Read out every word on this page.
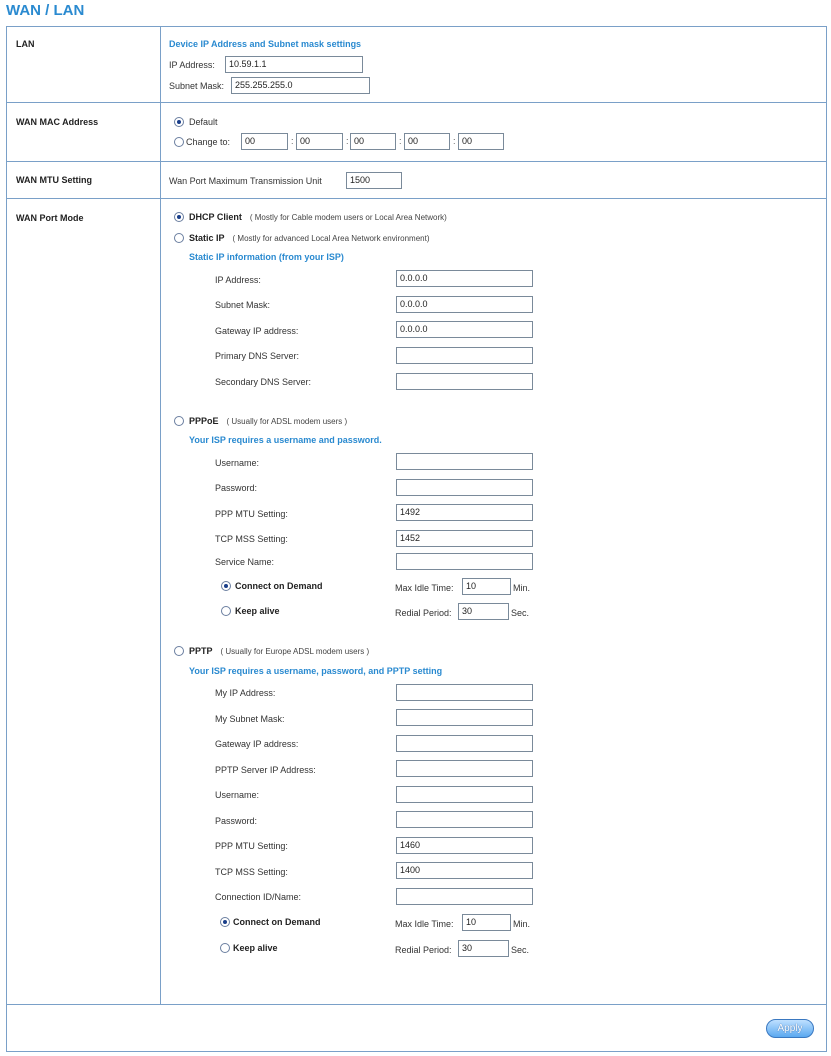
WAN / LAN
LAN	Device IP Address and Subnet mask settings
IP Address:	10.59.1.1
Subnet Mask:	255.255.255.0
WAN MAC Address	Default
Change to:	00	: 00	: 00	: 00	: 00
WAN MTU Setting	Wan Port Maximum Transmission Unit	1500
WAN Port Mode	DHCP Client ( Mostly for Cable modem users or Local Area Network)
Static IP ( Mostly for advanced Local Area Network environment)
Static IP information (from your ISP)
IP Address:	0.0.0.0
Subnet Mask:	0.0.0.0
Gateway IP address:	0.0.0.0
Primary DNS Server:
Secondary DNS Server:
PPPoE ( Usually for ADSL modem users )
Your ISP requires a username and password.
Username:
Password:
PPP MTU Setting:	1492
TCP MSS Setting:	1452
Service Name:
Connect on Demand	Max Idle Time:	10	Min.
Keep alive	Redial Period:	30	Sec.
PPTP ( Usually for Europe ADSL modem users )
Your ISP requires a username, password, and PPTP setting
My IP Address:
My Subnet Mask:
Gateway IP address:
PPTP Server IP Address:
Username:
Password:
PPP MTU Setting:	1460
TCP MSS Setting:	1400
Connection ID/Name:
Connect on Demand	Max Idle Time:	10	Min.
Keep alive	Redial Period:	30	Sec.
Apply
